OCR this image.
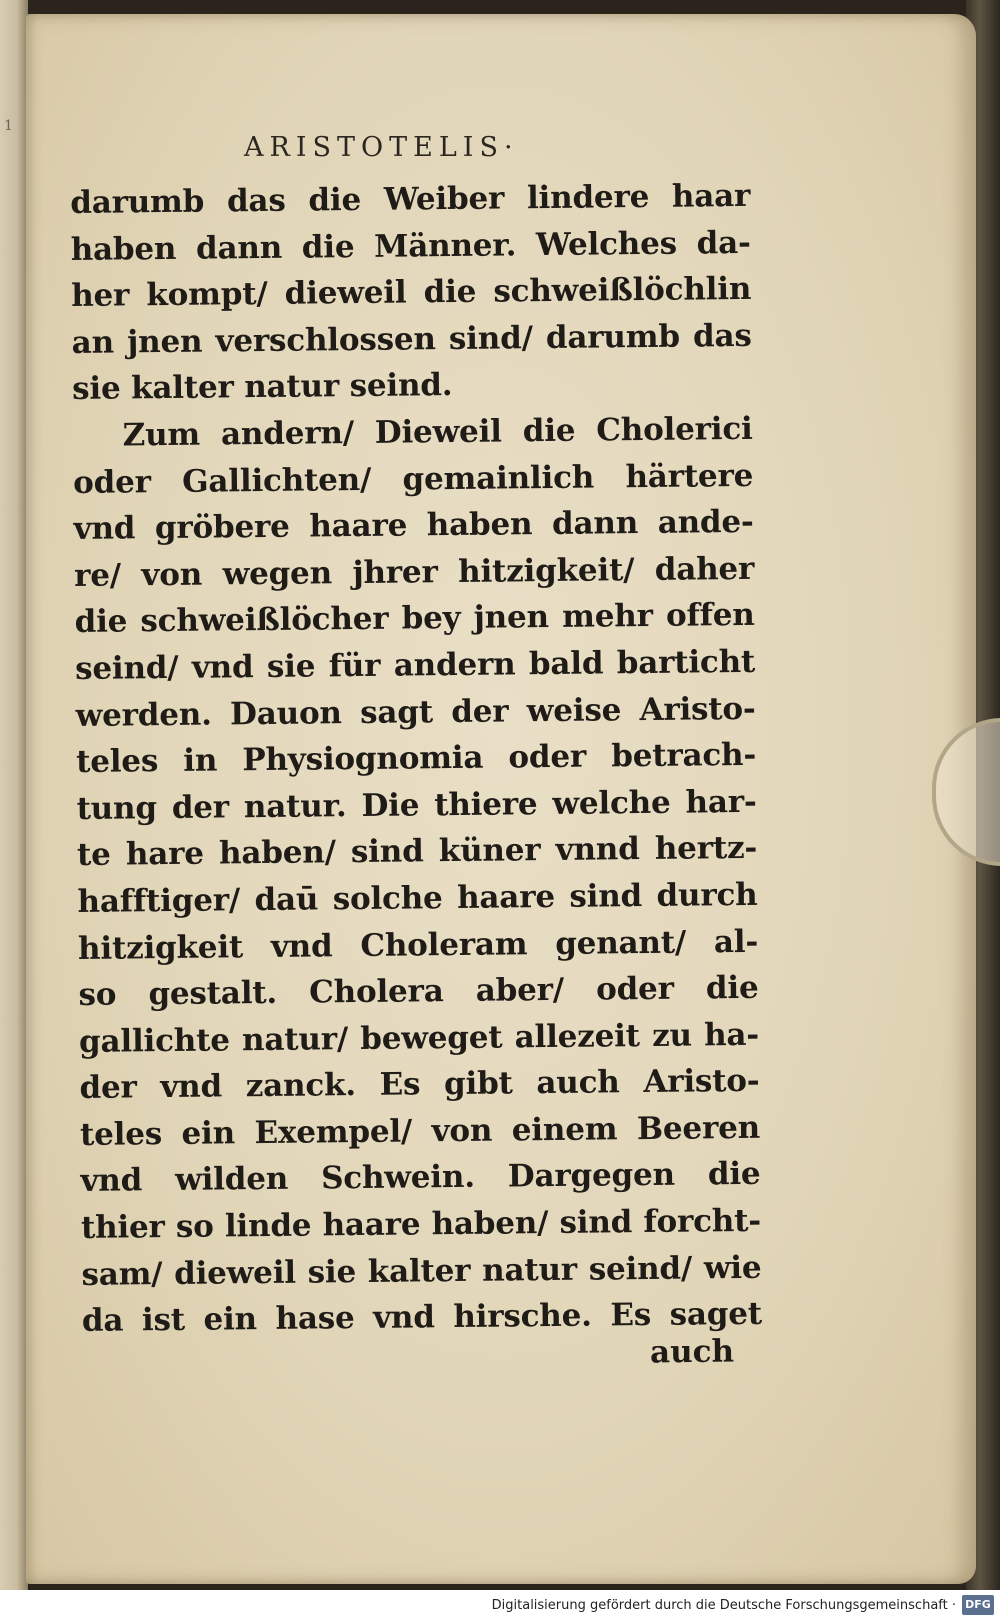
1
ARISTOTELIS·
darumb das die Weiber lindere haar
haben dann die Männer. Welches da-
her kompt/ dieweil die schweißlöchlin
an jnen verschlossen sind/ darumb das
sie kalter natur seind.
Zum andern/ Dieweil die Cholerici
oder Gallichten/ gemainlich härtere
vnd gröbere haare haben dann ande-
re/ von wegen jhrer hitzigkeit/ daher
die schweißlöcher bey jnen mehr offen
seind/ vnd sie für andern bald barticht
werden. Dauon sagt der weise Aristo-
teles in Physiognomia oder betrach-
tung der natur. Die thiere welche har-
te hare haben/ sind küner vnnd hertz-
hafftiger/ daū solche haare sind durch
hitzigkeit vnd Choleram genant/ al-
so gestalt. Cholera aber/ oder die
gallichte natur/ beweget allezeit zu ha-
der vnd zanck. Es gibt auch Aristo-
teles ein Exempel/ von einem Beeren
vnd wilden Schwein. Dargegen die
thier so linde haare haben/ sind forcht-
sam/ dieweil sie kalter natur seind/ wie
da ist ein hase vnd hirsche. Es saget
auch
Digitalisierung gefördert durch die Deutsche Forschungsgemeinschaft · DFG
